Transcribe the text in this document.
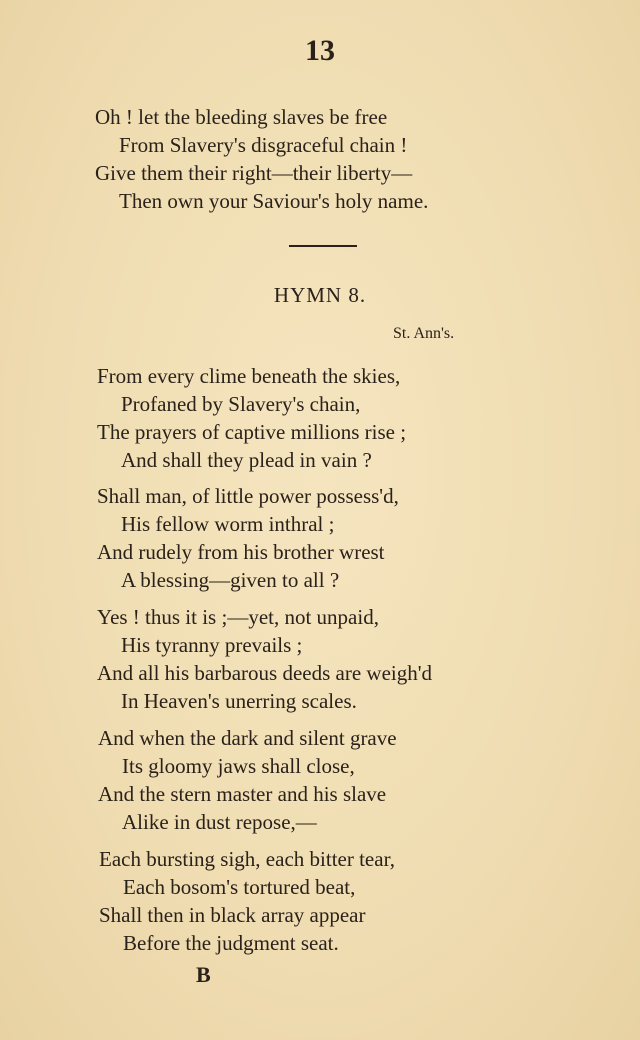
13
Oh ! let the bleeding slaves be free
From Slavery's disgraceful chain !
Give them their right—their liberty—
Then own your Saviour's holy name.
HYMN 8.
St. Ann's.
From every clime beneath the skies,
Profaned by Slavery's chain,
The prayers of captive millions rise ;
And shall they plead in vain ?
Shall man, of little power possess'd,
His fellow worm inthral ;
And rudely from his brother wrest
A blessing—given to all ?
Yes ! thus it is ;—yet, not unpaid,
His tyranny prevails ;
And all his barbarous deeds are weigh'd
In Heaven's unerring scales.
And when the dark and silent grave
Its gloomy jaws shall close,
And the stern master and his slave
Alike in dust repose,—
Each bursting sigh, each bitter tear,
Each bosom's tortured beat,
Shall then in black array appear
Before the judgment seat.
B
